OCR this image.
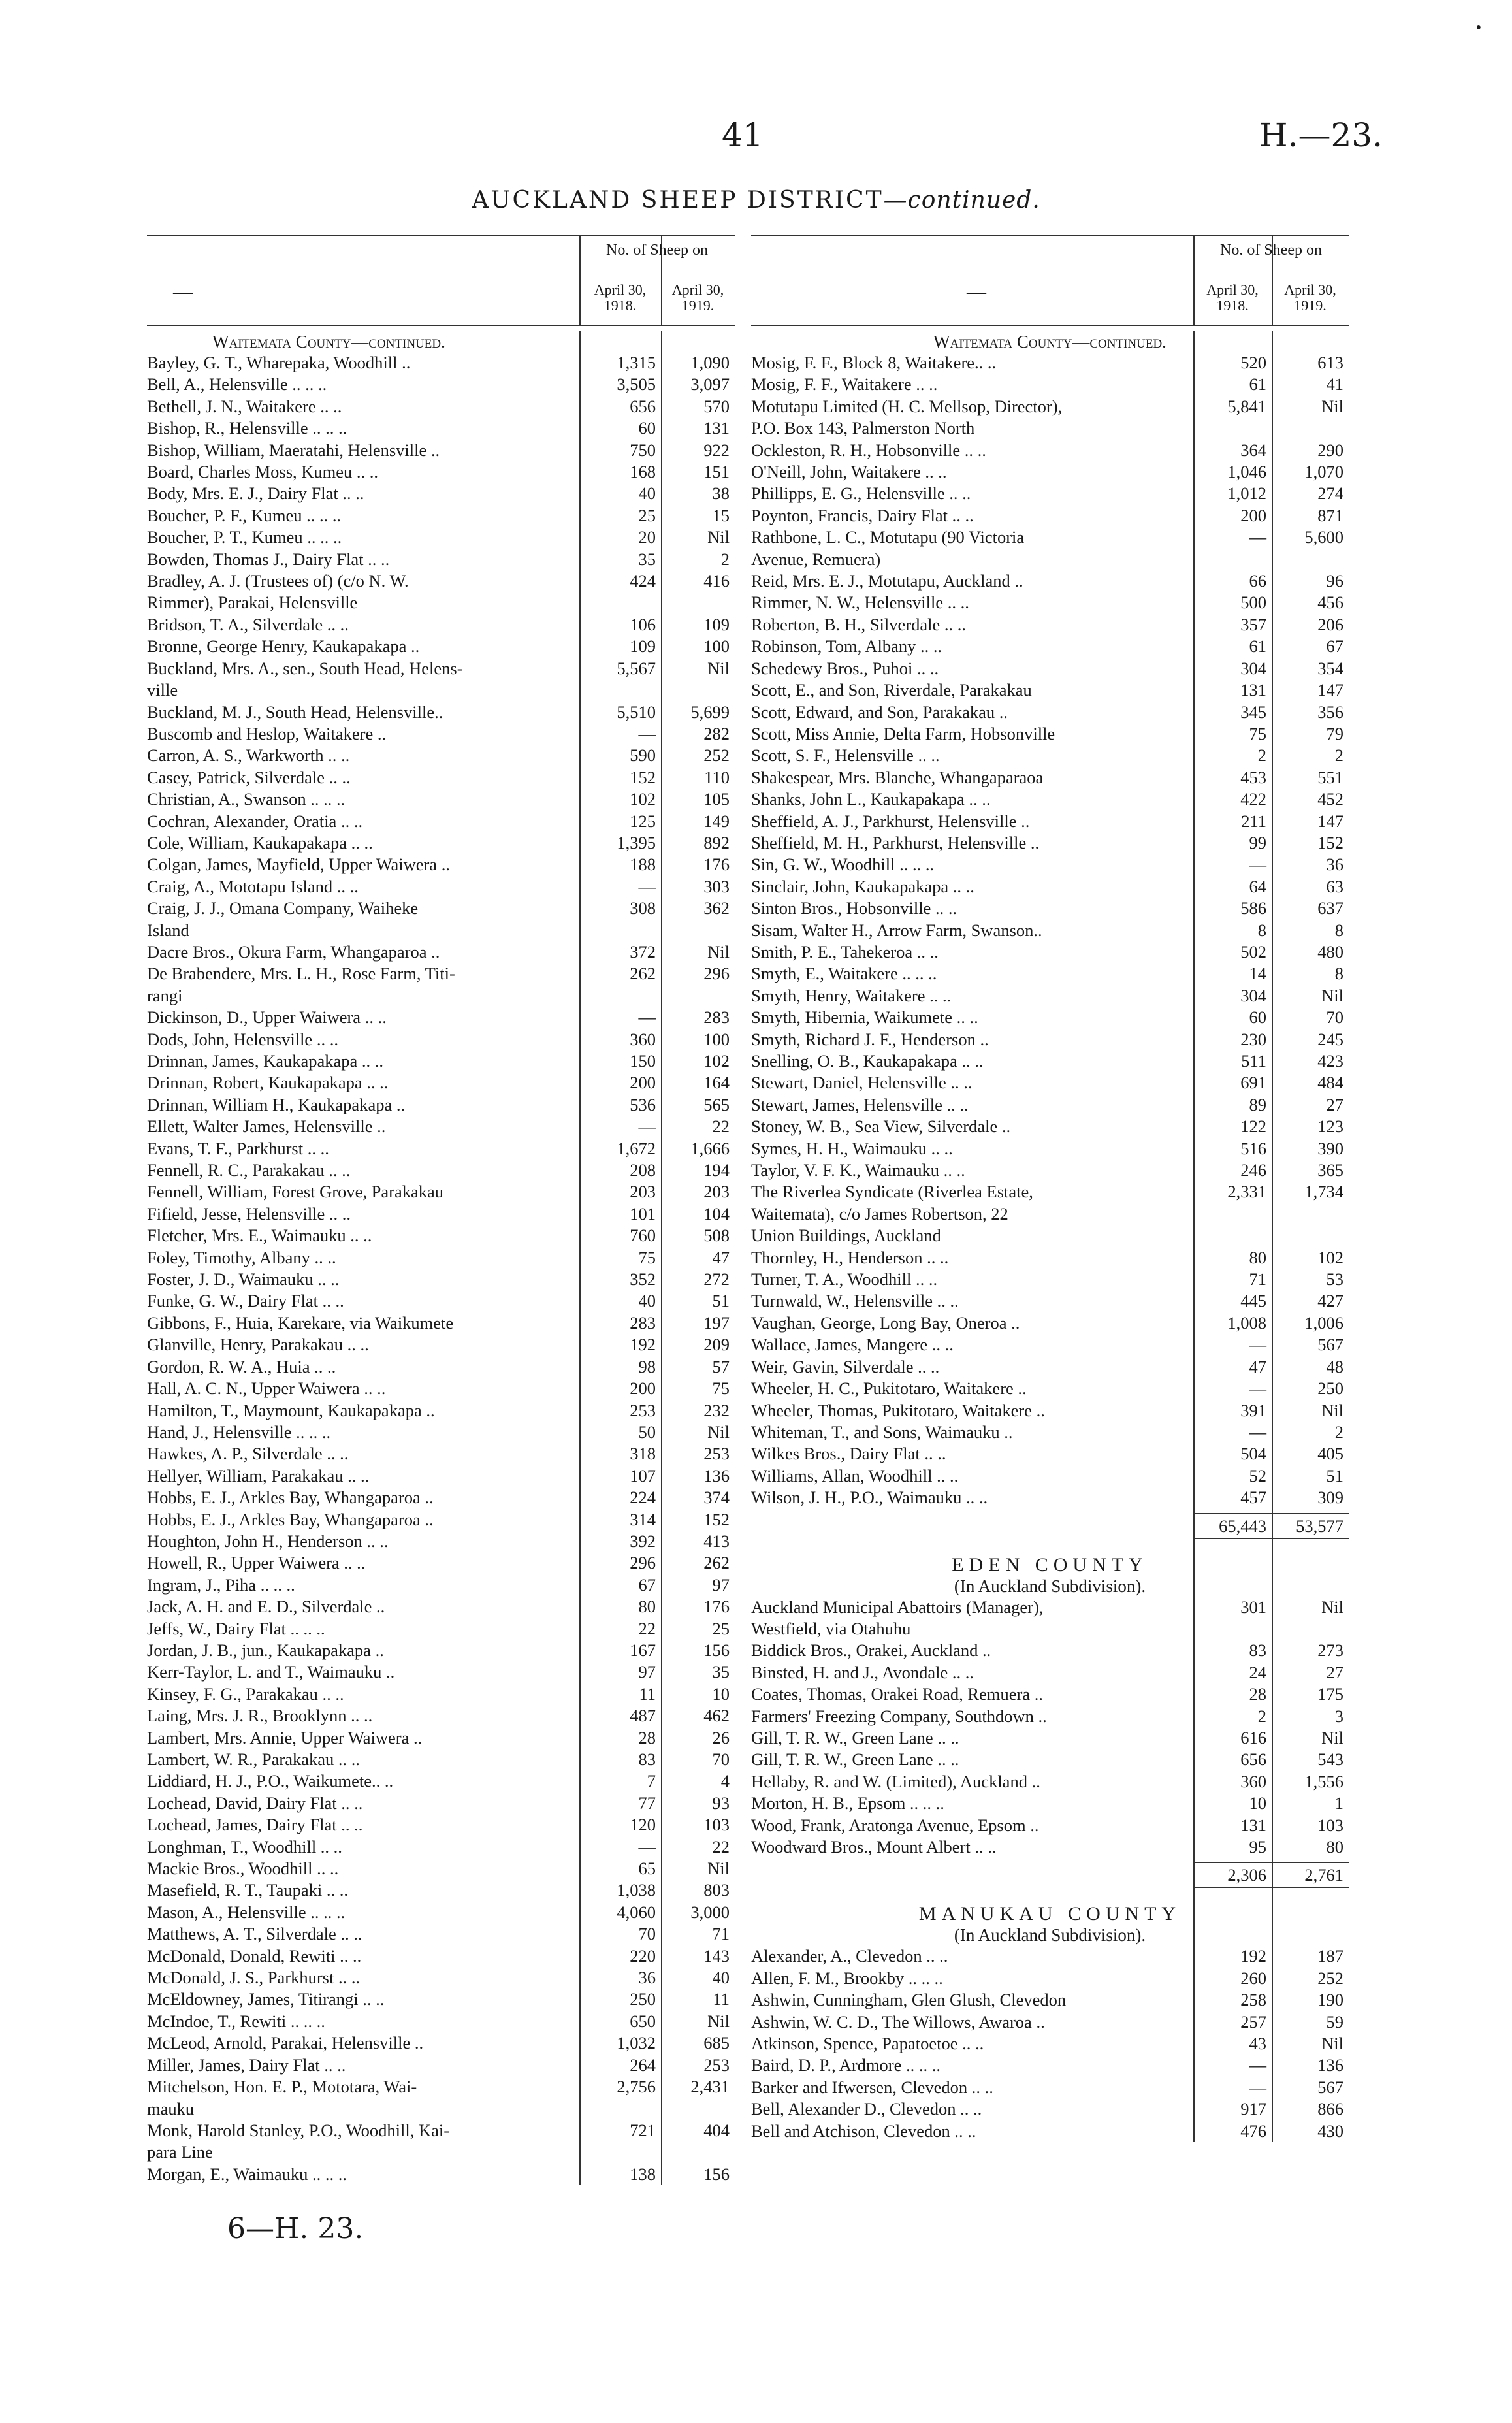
•
41	H.—23.
AUCKLAND SHEEP DISTRICT—continued.
—
No. of Sheep on
April 30, 1918.
April 30, 1919.
Waitemata County—continued.
Bayley, G. T., Wharepaka, Woodhill ..	1,315	1,090
Bell, A., Helensville .. .. ..	3,505	3,097
Bethell, J. N., Waitakere .. ..	656	570
Bishop, R., Helensville .. .. ..	60	131
Bishop, William, Maeratahi, Helensville ..	750	922
Board, Charles Moss, Kumeu .. ..	168	151
Body, Mrs. E. J., Dairy Flat .. ..	40	38
Boucher, P. F., Kumeu .. .. ..	25	15
Boucher, P. T., Kumeu .. .. ..	20	Nil
Bowden, Thomas J., Dairy Flat .. ..	35	2
Bradley, A. J. (Trustees of) (c/o N. W.
Rimmer), Parakai, Helensville
424	416
Bridson, T. A., Silverdale .. ..	106	109
Bronne, George Henry, Kaukapakapa ..	109	100
Buckland, Mrs. A., sen., South Head, Helens-
ville
5,567	Nil
Buckland, M. J., South Head, Helensville..	5,510	5,699
Buscomb and Heslop, Waitakere ..	—	282
Carron, A. S., Warkworth .. ..	590	252
Casey, Patrick, Silverdale .. ..	152	110
Christian, A., Swanson .. .. ..	102	105
Cochran, Alexander, Oratia .. ..	125	149
Cole, William, Kaukapakapa .. ..	1,395	892
Colgan, James, Mayfield, Upper Waiwera ..	188	176
Craig, A., Mototapu Island .. ..	—	303
Craig, J. J., Omana Company, Waiheke
Island
308	362
Dacre Bros., Okura Farm, Whangaparoa ..	372	Nil
De Brabendere, Mrs. L. H., Rose Farm, Titi-
rangi
262	296
Dickinson, D., Upper Waiwera .. ..	—	283
Dods, John, Helensville .. ..	360	100
Drinnan, James, Kaukapakapa .. ..	150	102
Drinnan, Robert, Kaukapakapa .. ..	200	164
Drinnan, William H., Kaukapakapa ..	536	565
Ellett, Walter James, Helensville ..	—	22
Evans, T. F., Parkhurst .. ..	1,672	1,666
Fennell, R. C., Parakakau .. ..	208	194
Fennell, William, Forest Grove, Parakakau	203	203
Fifield, Jesse, Helensville .. ..	101	104
Fletcher, Mrs. E., Waimauku .. ..	760	508
Foley, Timothy, Albany .. ..	75	47
Foster, J. D., Waimauku .. ..	352	272
Funke, G. W., Dairy Flat .. ..	40	51
Gibbons, F., Huia, Karekare, via Waikumete	283	197
Glanville, Henry, Parakakau .. ..	192	209
Gordon, R. W. A., Huia .. ..	98	57
Hall, A. C. N., Upper Waiwera .. ..	200	75
Hamilton, T., Maymount, Kaukapakapa ..	253	232
Hand, J., Helensville .. .. ..	50	Nil
Hawkes, A. P., Silverdale .. ..	318	253
Hellyer, William, Parakakau .. ..	107	136
Hobbs, E. J., Arkles Bay, Whangaparoa ..	224	374
Hobbs, E. J., Arkles Bay, Whangaparoa ..	314	152
Houghton, John H., Henderson .. ..	392	413
Howell, R., Upper Waiwera .. ..	296	262
Ingram, J., Piha .. .. ..	67	97
Jack, A. H. and E. D., Silverdale ..	80	176
Jeffs, W., Dairy Flat .. .. ..	22	25
Jordan, J. B., jun., Kaukapakapa ..	167	156
Kerr-Taylor, L. and T., Waimauku ..	97	35
Kinsey, F. G., Parakakau .. ..	11	10
Laing, Mrs. J. R., Brooklynn .. ..	487	462
Lambert, Mrs. Annie, Upper Waiwera ..	28	26
Lambert, W. R., Parakakau .. ..	83	70
Liddiard, H. J., P.O., Waikumete.. ..	7	4
Lochead, David, Dairy Flat .. ..	77	93
Lochead, James, Dairy Flat .. ..	120	103
Longhman, T., Woodhill .. ..	—	22
Mackie Bros., Woodhill .. ..	65	Nil
Masefield, R. T., Taupaki .. ..	1,038	803
Mason, A., Helensville .. .. ..	4,060	3,000
Matthews, A. T., Silverdale .. ..	70	71
McDonald, Donald, Rewiti .. ..	220	143
McDonald, J. S., Parkhurst .. ..	36	40
McEldowney, James, Titirangi .. ..	250	11
McIndoe, T., Rewiti .. .. ..	650	Nil
McLeod, Arnold, Parakai, Helensville ..	1,032	685
Miller, James, Dairy Flat .. ..	264	253
Mitchelson, Hon. E. P., Mototara, Wai-
mauku
2,756	2,431
Monk, Harold Stanley, P.O., Woodhill, Kai-
para Line
721	404
Morgan, E., Waimauku .. .. ..	138	156
—
No. of Sheep on
April 30, 1918.
April 30, 1919.
Waitemata County—continued.
Mosig, F. F., Block 8, Waitakere.. ..	520	613
Mosig, F. F., Waitakere .. ..	61	41
Motutapu Limited (H. C. Mellsop, Director),
P.O. Box 143, Palmerston North
5,841	Nil
Ockleston, R. H., Hobsonville .. ..	364	290
O'Neill, John, Waitakere .. ..	1,046	1,070
Phillipps, E. G., Helensville .. ..	1,012	274
Poynton, Francis, Dairy Flat .. ..	200	871
Rathbone, L. C., Motutapu (90 Victoria
Avenue, Remuera)
—	5,600
Reid, Mrs. E. J., Motutapu, Auckland ..	66	96
Rimmer, N. W., Helensville .. ..	500	456
Roberton, B. H., Silverdale .. ..	357	206
Robinson, Tom, Albany .. ..	61	67
Schedewy Bros., Puhoi .. ..	304	354
Scott, E., and Son, Riverdale, Parakakau	131	147
Scott, Edward, and Son, Parakakau ..	345	356
Scott, Miss Annie, Delta Farm, Hobsonville	75	79
Scott, S. F., Helensville .. ..	2	2
Shakespear, Mrs. Blanche, Whangaparaoa	453	551
Shanks, John L., Kaukapakapa .. ..	422	452
Sheffield, A. J., Parkhurst, Helensville ..	211	147
Sheffield, M. H., Parkhurst, Helensville ..	99	152
Sin, G. W., Woodhill .. .. ..	—	36
Sinclair, John, Kaukapakapa .. ..	64	63
Sinton Bros., Hobsonville .. ..	586	637
Sisam, Walter H., Arrow Farm, Swanson..	8	8
Smith, P. E., Tahekeroa .. ..	502	480
Smyth, E., Waitakere .. .. ..	14	8
Smyth, Henry, Waitakere .. ..	304	Nil
Smyth, Hibernia, Waikumete .. ..	60	70
Smyth, Richard J. F., Henderson ..	230	245
Snelling, O. B., Kaukapakapa .. ..	511	423
Stewart, Daniel, Helensville .. ..	691	484
Stewart, James, Helensville .. ..	89	27
Stoney, W. B., Sea View, Silverdale ..	122	123
Symes, H. H., Waimauku .. ..	516	390
Taylor, V. F. K., Waimauku .. ..	246	365
The Riverlea Syndicate (Riverlea Estate,
Waitemata), c/o James Robertson, 22
Union Buildings, Auckland
2,331	1,734
Thornley, H., Henderson .. ..	80	102
Turner, T. A., Woodhill .. ..	71	53
Turnwald, W., Helensville .. ..	445	427
Vaughan, George, Long Bay, Oneroa ..	1,008	1,006
Wallace, James, Mangere .. ..	—	567
Weir, Gavin, Silverdale .. ..	47	48
Wheeler, H. C., Pukitotaro, Waitakere ..	—	250
Wheeler, Thomas, Pukitotaro, Waitakere ..	391	Nil
Whiteman, T., and Sons, Waimauku ..	—	2
Wilkes Bros., Dairy Flat .. ..	504	405
Williams, Allan, Woodhill .. ..	52	51
Wilson, J. H., P.O., Waimauku .. ..	457	309
65,443	53,577
EDEN COUNTY
(In Auckland Subdivision).
Auckland Municipal Abattoirs (Manager),
Westfield, via Otahuhu
301	Nil
Biddick Bros., Orakei, Auckland ..	83	273
Binsted, H. and J., Avondale .. ..	24	27
Coates, Thomas, Orakei Road, Remuera ..	28	175
Farmers' Freezing Company, Southdown ..	2	3
Gill, T. R. W., Green Lane .. ..	616	Nil
Gill, T. R. W., Green Lane .. ..	656	543
Hellaby, R. and W. (Limited), Auckland ..	360	1,556
Morton, H. B., Epsom .. .. ..	10	1
Wood, Frank, Aratonga Avenue, Epsom ..	131	103
Woodward Bros., Mount Albert .. ..	95	80
2,306	2,761
MANUKAU COUNTY
(In Auckland Subdivision).
Alexander, A., Clevedon .. ..	192	187
Allen, F. M., Brookby .. .. ..	260	252
Ashwin, Cunningham, Glen Glush, Clevedon	258	190
Ashwin, W. C. D., The Willows, Awaroa ..	257	59
Atkinson, Spence, Papatoetoe .. ..	43	Nil
Baird, D. P., Ardmore .. .. ..	—	136
Barker and Ifwersen, Clevedon .. ..	—	567
Bell, Alexander D., Clevedon .. ..	917	866
Bell and Atchison, Clevedon .. ..	476	430
6—H. 23.
